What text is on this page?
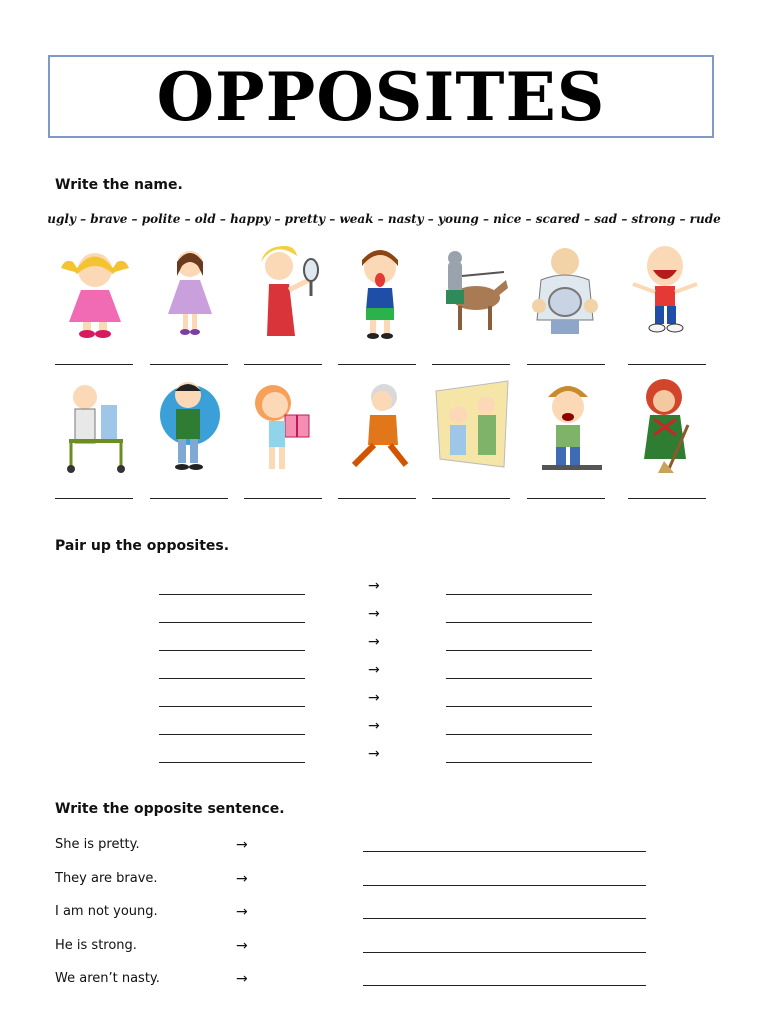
OPPOSITES
Write the name.
ugly – brave – polite – old – happy – pretty – weak – nasty – young – nice – scared – sad – strong – rude
Pair up the opposites.
→
→
→
→
→
→
→
Write the opposite sentence.
She is pretty.	→
They are brave.	→
I am not young.	→
He is strong.	→
We aren’t nasty.	→
